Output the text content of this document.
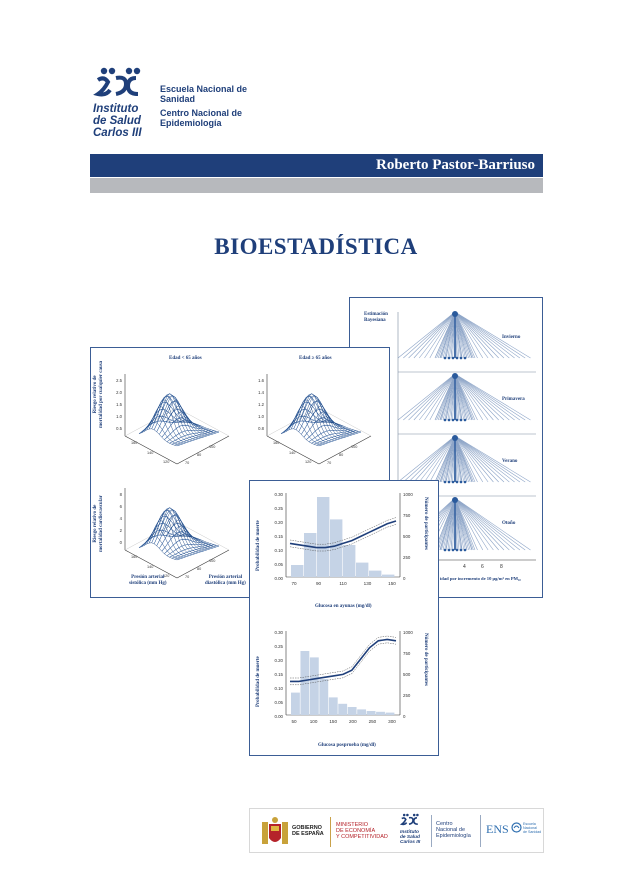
Instituto
de Salud
Carlos III
Escuela Nacional de
Sanidad
Centro Nacional de
Epidemiología
Roberto Pastor-Barriuso
BIOESTADÍSTICA
Estimación
Bayesiana
Invierno
Primavera
Verano
Otoño
4	6	8
idad por incremento de 10 µg/m³ en PM₁₀
Edad < 65 años	Edad ≥ 65 años
Riesgo relativo de mortalidad por cualquier causa
Riesgo relativo de mortalidad cardiovascular
2.5
2.0
1.5
1.0
0.5
160
140
120
100
80
70
1.6
1.4
1.2
1.0
0.8
160
140
120
100
80
70
8
6
4
2
0
160
140
120
100
80
70
Presión arterial
sistólica (mm Hg)
Presión arterial
diastólica (mm Hg)
0.30
0.25
0.20
0.15
0.10
0.05
0.00
1000
750
500
250
0
70	90	110	130	150
0.30
0.25
0.20
0.15
0.10
0.05
0.00
1000
750
500
250
0
50	100	150	200	250	300
Probabilidad de muerte	Número de participantes
Probabilidad de muerte	Número de participantes
Glucosa en ayunas (mg/dl)
Glucosa posprueba (mg/dl)
GOBIERNO
DE ESPAÑA
MINISTERIO
DE ECONOMÍA
Y COMPETITIVIDAD
Instituto
de Salud
Carlos III
Centro
Nacional de
Epidemiología ENS	Escuela
Nacional
de Sanidad
